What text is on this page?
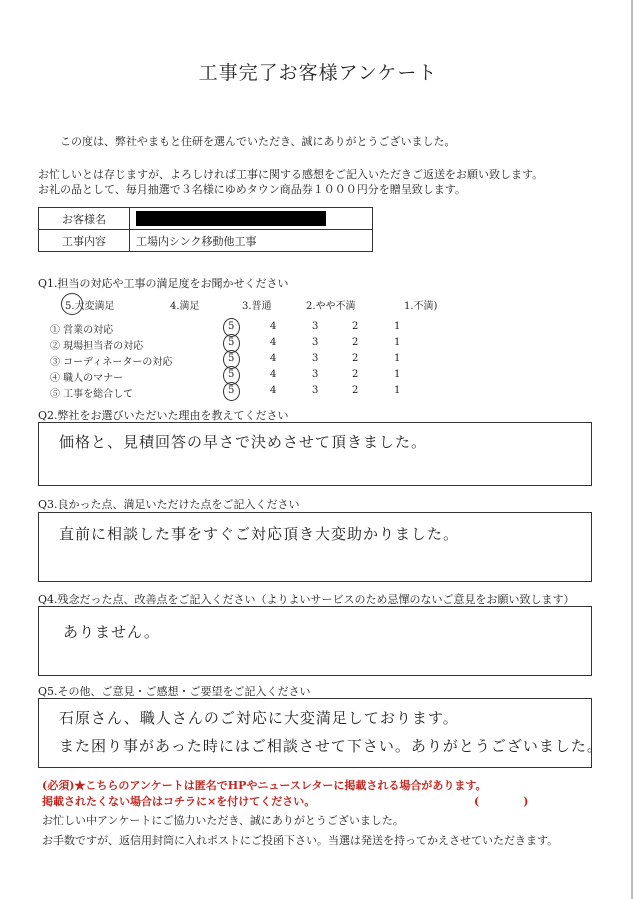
工事完了お客様アンケート
この度は、弊社やまもと住研を選んでいただき、誠にありがとうございました。
お忙しいとは存じますが、よろしければ工事に関する感想をご記入いただきご返送をお願い致します。
お礼の品として、毎月抽選で３名様にゆめタウン商品券１０００円分を贈呈致します。
お客様名	
工事内容	工場内シンク移動他工事
Q1.担当の対応や工事の満足度をお聞かせください
5.大変満足	4.満足	3.普通	2.やや不満	1.不満)
① 営業の対応	5	4	3	2	1
② 現場担当者の対応	5	4	3	2	1
③ コーディネーターの対応	5	4	3	2	1
④ 職人のマナー	5	4	3	2	1
⑤ 工事を総合して	5	4	3	2	1
Q2.弊社をお選びいただいた理由を教えてください
価格と、見積回答の早さで決めさせて頂きました。
Q3.良かった点、満足いただけた点をご記入ください
直前に相談した事をすぐご対応頂き大変助かりました。
Q4.残念だった点、改善点をご記入ください（よりよいサービスのため忌憚のないご意見をお願い致します）
ありません。
Q5.その他、ご意見・ご感想・ご要望をご記入ください
石原さん、職人さんのご対応に大変満足しております。
また困り事があった時にはご相談させて下さい。ありがとうございました。
(必須)★こちらのアンケートは匿名でHPやニュースレターに掲載される場合があります。
掲載されたくない場合はコチラに×を付けてください。	(　　　　)
お忙しい中アンケートにご協力いただき、誠にありがとうございました。
お手数ですが、返信用封筒に入れポストにご投函下さい。当選は発送を持ってかえさせていただきます。
